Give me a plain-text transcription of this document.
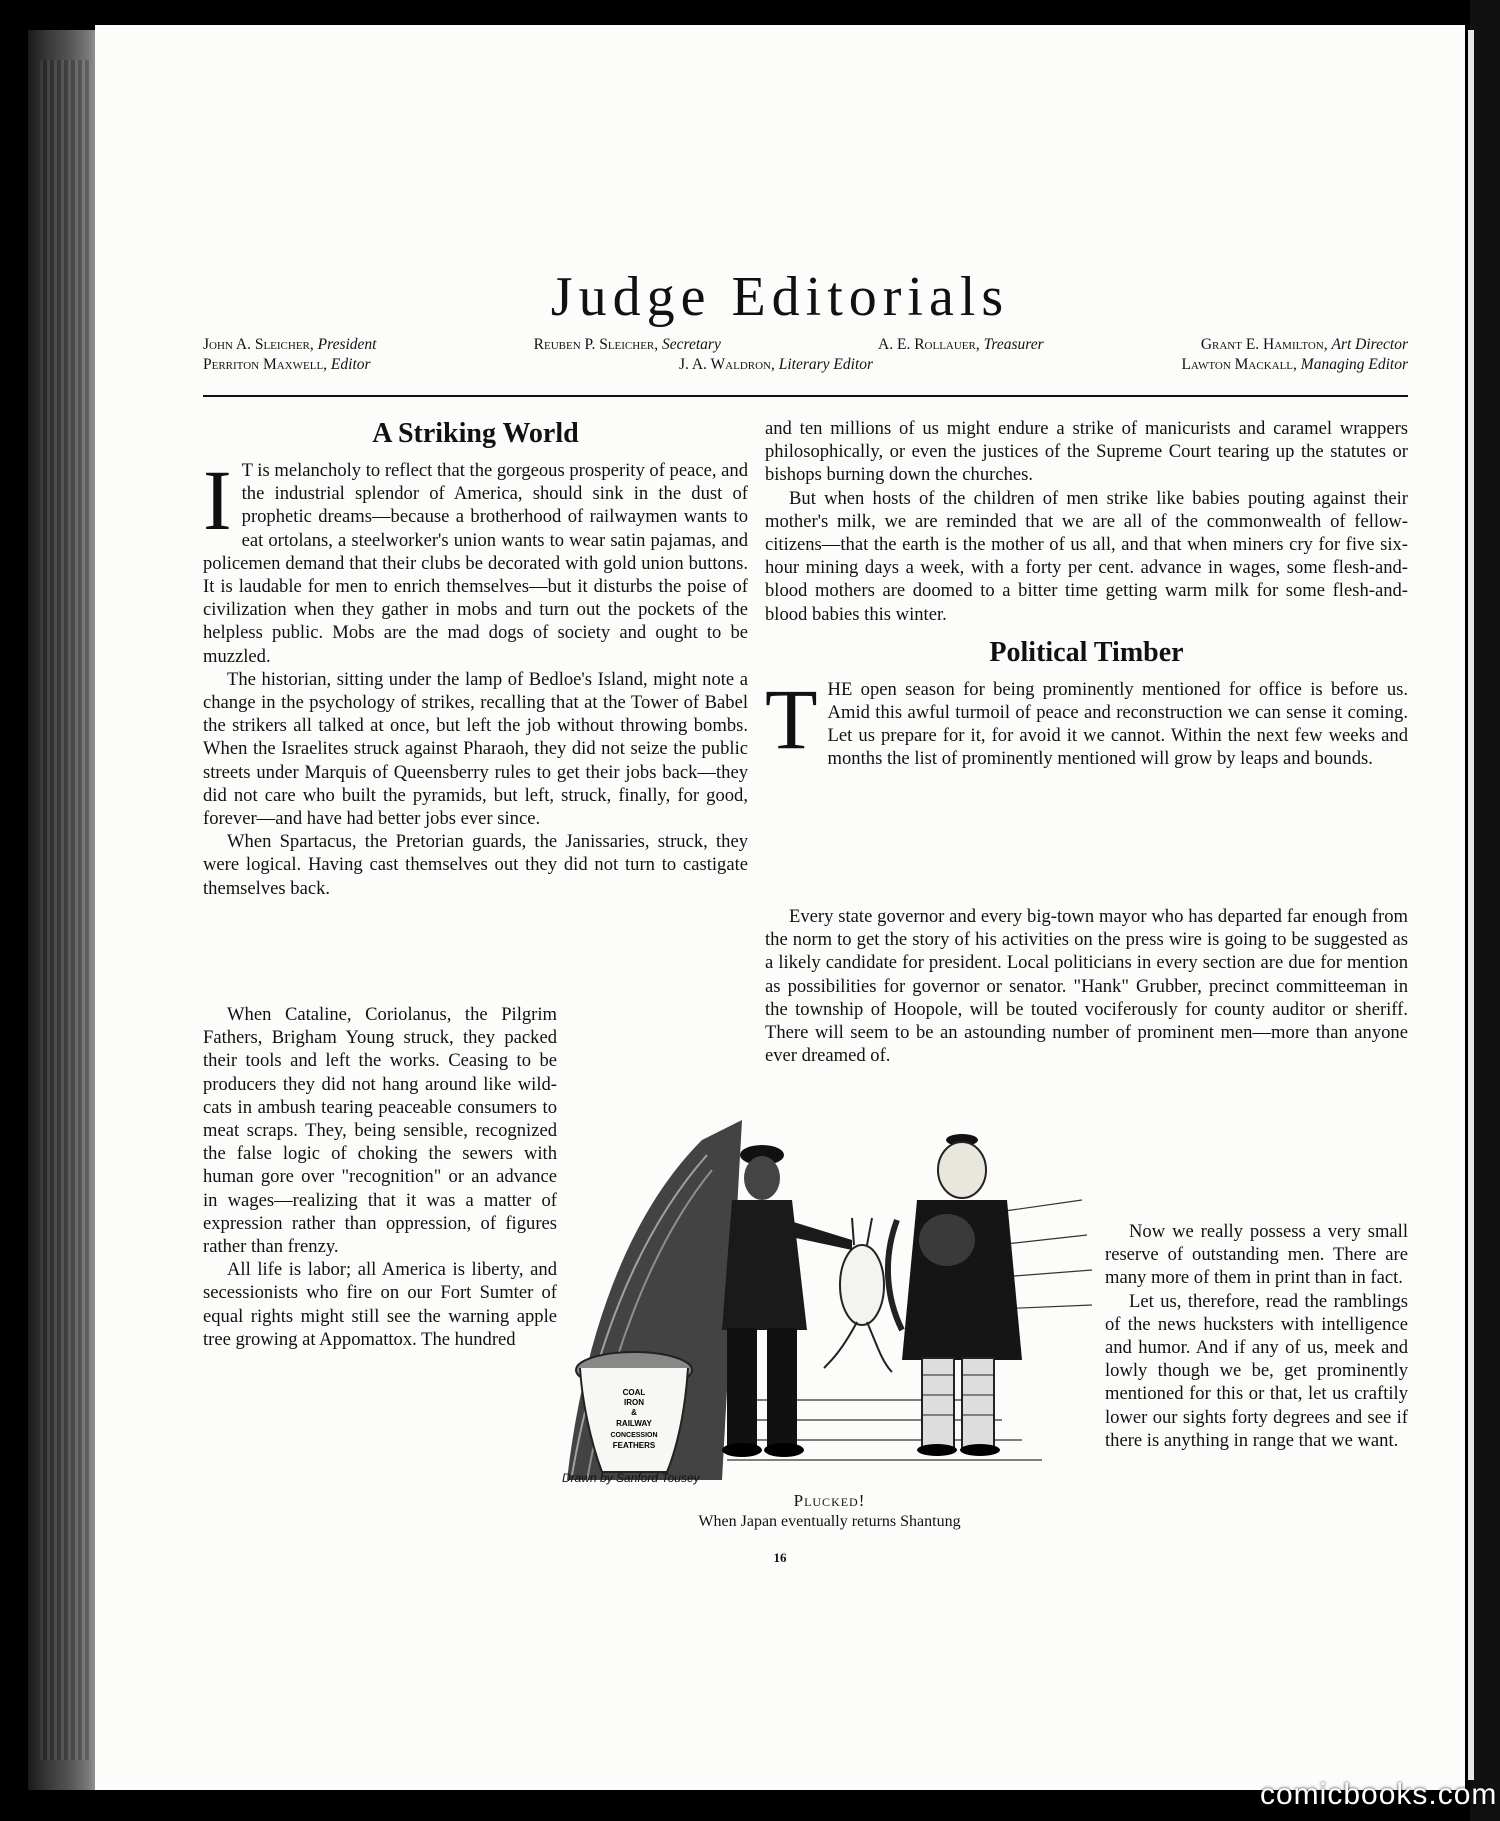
Judge Editorials
John A. Sleicher, President	Reuben P. Sleicher, Secretary	A. E. Rollauer, Treasurer	Grant E. Hamilton, Art Director
Perriton Maxwell, Editor	J. A. Waldron, Literary Editor	Lawton Mackall, Managing Editor
A Striking World

I T is melancholy to reflect that the gorgeous prosperity of peace, and the industrial splendor of America, should sink in the dust of prophetic dreams—because a brotherhood of railwaymen wants to eat ortolans, a steelworker's union wants to wear satin pajamas, and policemen demand that their clubs be decorated with gold union buttons. It is laudable for men to enrich themselves—but it disturbs the poise of civilization when they gather in mobs and turn out the pockets of the helpless public. Mobs are the mad dogs of society and ought to be muzzled.

The historian, sitting under the lamp of Bedloe's Island, might note a change in the psychology of strikes, recalling that at the Tower of Babel the strikers all talked at once, but left the job without throwing bombs. When the Israelites struck against Pharaoh, they did not seize the public streets under Marquis of Queensberry rules to get their jobs back—they did not care who built the pyramids, but left, struck, finally, for good, forever—and have had better jobs ever since.

When Spartacus, the Pretorian guards, the Janissaries, struck, they were logical. Having cast themselves out they did not turn to castigate themselves back.

When Cataline, Coriolanus, the Pilgrim Fathers, Brigham Young struck, they packed their tools and left the works. Ceasing to be producers they did not hang around like wild-cats in ambush tearing peaceable consumers to meat scraps. They, being sensible, recognized the false logic of choking the sewers with human gore over "recognition" or an advance in wages—realizing that it was a matter of expression rather than oppression, of figures rather than frenzy.

All life is labor; all America is liberty, and secessionists who fire on our Fort Sumter of equal rights might still see the warning apple tree growing at Appomattox. The hundred

and ten millions of us might endure a strike of manicurists and caramel wrappers philosophically, or even the justices of the Supreme Court tearing up the statutes or bishops burning down the churches.

But when hosts of the children of men strike like babies pouting against their mother's milk, we are reminded that we are all of the commonwealth of fellow-citizens—that the earth is the mother of us all, and that when miners cry for five six-hour mining days a week, with a forty per cent. advance in wages, some flesh-and-blood mothers are doomed to a bitter time getting warm milk for some flesh-and-blood babies this winter.

Political Timber

THE open season for being prominently mentioned for office is before us. Amid this awful turmoil of peace and reconstruction we can sense it coming. Let us prepare for it, for avoid it we cannot. Within the next few weeks and months the list of prominently mentioned will grow by leaps and bounds.

Every state governor and every big-town mayor who has departed far enough from the norm to get the story of his activities on the press wire is going to be suggested as a likely candidate for president. Local politicians in every section are due for mention as possibilities for governor or senator. "Hank" Grubber, precinct committeeman in the township of Hoopole, will be touted vociferously for county auditor or sheriff. There will seem to be an astounding number of prominent men—more than anyone ever dreamed of.

Now we really possess a very small reserve of outstanding men. There are many more of them in print than in fact.

Let us, therefore, read the ramblings of the news hucksters with intelligence and humor. And if any of us, meek and lowly though we be, get prominently mentioned for this or that, let us craftily lower our sights forty degrees and see if there is anything in range that we want.

COAL
IRON
&
RAILWAY
CONCESSION
FEATHERS
Drawn by Sanford Tousey
Plucked!
When Japan eventually returns Shantung
16
comicbooks.com
